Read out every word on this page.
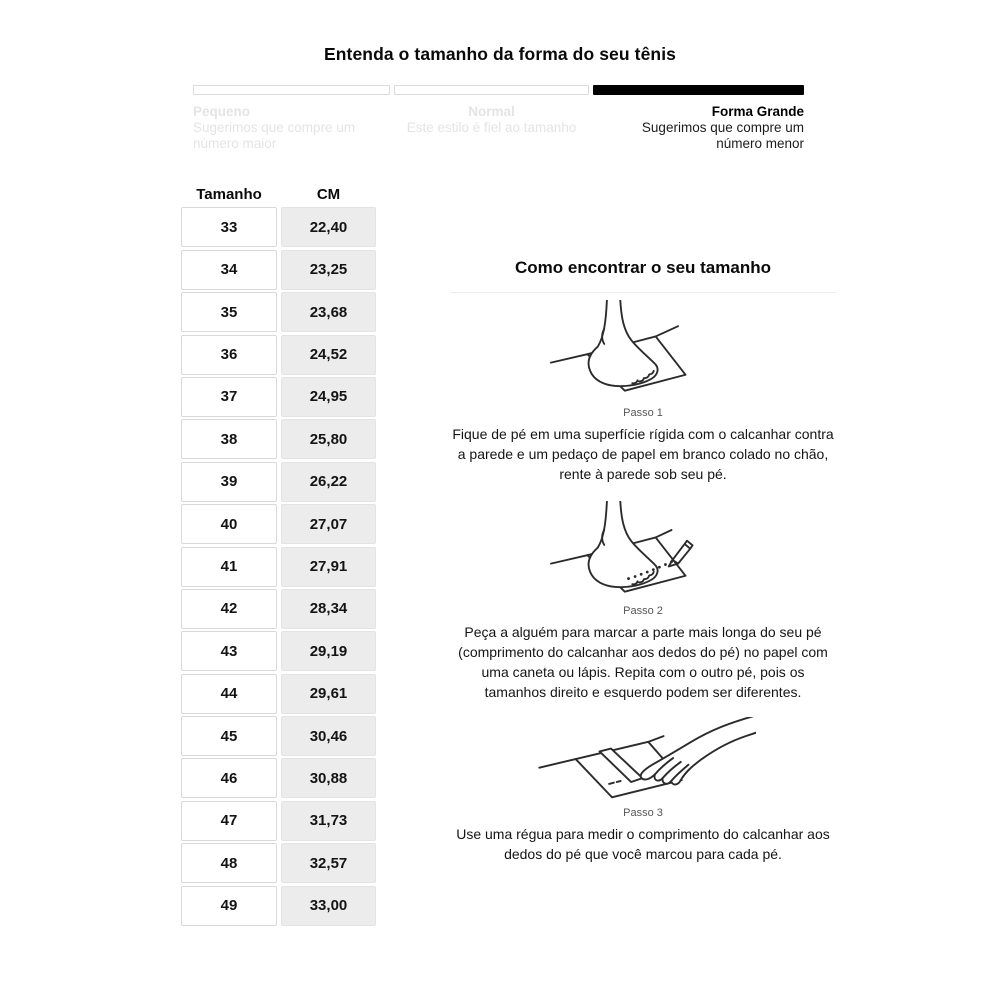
Entenda o tamanho da forma do seu tênis
Pequeno
Sugerimos que compre um número maior
Normal
Este estilo é fiel ao tamanho
Forma Grande
Sugerimos que compre um número menor
Tamanho	CM
33	22,40
34	23,25
35	23,68
36	24,52
37	24,95
38	25,80
39	26,22
40	27,07
41	27,91
42	28,34
43	29,19
44	29,61
45	30,46
46	30,88
47	31,73
48	32,57
49	33,00
Como encontrar o seu tamanho
Passo 1
Fique de pé em uma superfície rígida com o calcanhar contra a parede e um pedaço de papel em branco colado no chão, rente à parede sob seu pé.
Passo 2
Peça a alguém para marcar a parte mais longa do seu pé (comprimento do calcanhar aos dedos do pé) no papel com uma caneta ou lápis. Repita com o outro pé, pois os tamanhos direito e esquerdo podem ser diferentes.
Passo 3
Use uma régua para medir o comprimento do calcanhar aos dedos do pé que você marcou para cada pé.
